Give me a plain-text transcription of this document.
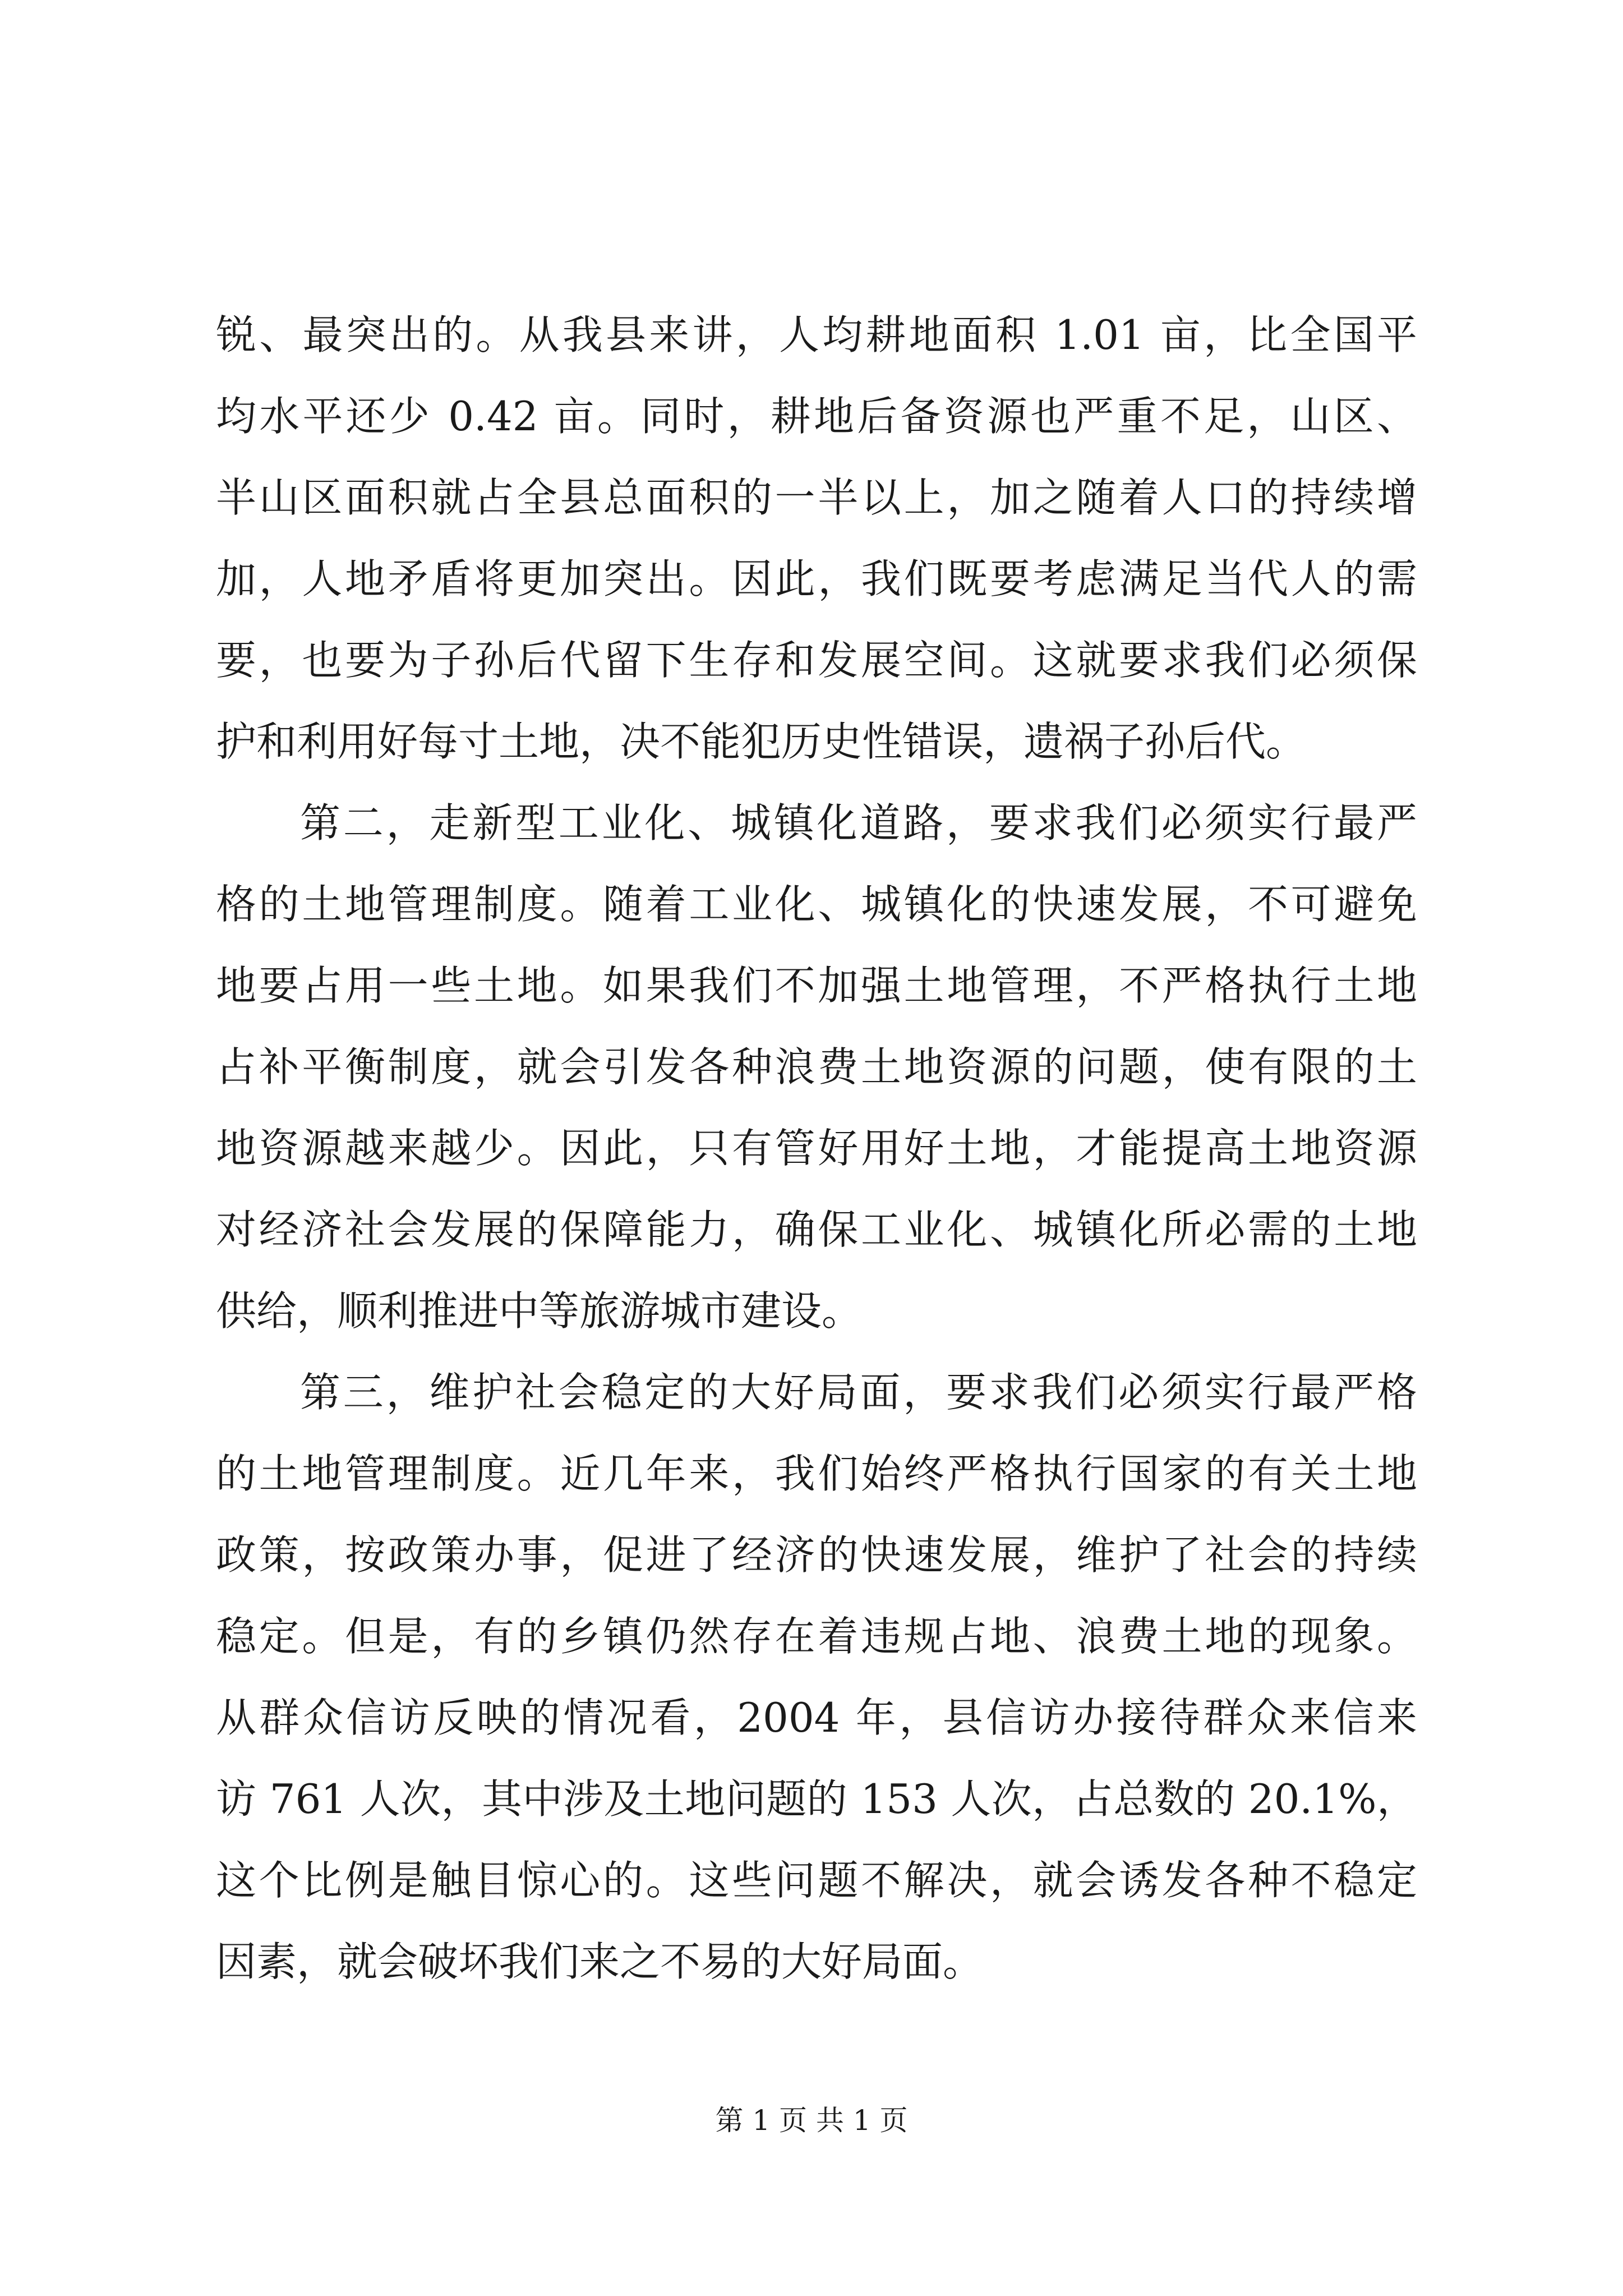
锐、最突出的。从我县来讲，人均耕地面积 1.01 亩，比全国平
均水平还少 0.42 亩。同时，耕地后备资源也严重不足，山区、
半山区面积就占全县总面积的一半以上，加之随着人口的持续增
加，人地矛盾将更加突出。因此，我们既要考虑满足当代人的需
要，也要为子孙后代留下生存和发展空间。这就要求我们必须保
护和利用好每寸土地，决不能犯历史性错误，遗祸子孙后代。
第二，走新型工业化、城镇化道路，要求我们必须实行最严
格的土地管理制度。随着工业化、城镇化的快速发展，不可避免
地要占用一些土地。如果我们不加强土地管理，不严格执行土地
占补平衡制度，就会引发各种浪费土地资源的问题，使有限的土
地资源越来越少。因此，只有管好用好土地，才能提高土地资源
对经济社会发展的保障能力，确保工业化、城镇化所必需的土地
供给，顺利推进中等旅游城市建设。
第三，维护社会稳定的大好局面，要求我们必须实行最严格
的土地管理制度。近几年来，我们始终严格执行国家的有关土地
政策，按政策办事，促进了经济的快速发展，维护了社会的持续
稳定。但是，有的乡镇仍然存在着违规占地、浪费土地的现象。
从群众信访反映的情况看，2004 年，县信访办接待群众来信来
访 761 人次，其中涉及土地问题的 153 人次，占总数的 20.1%，
这个比例是触目惊心的。这些问题不解决，就会诱发各种不稳定
因素，就会破坏我们来之不易的大好局面。
第 1 页 共 1 页
